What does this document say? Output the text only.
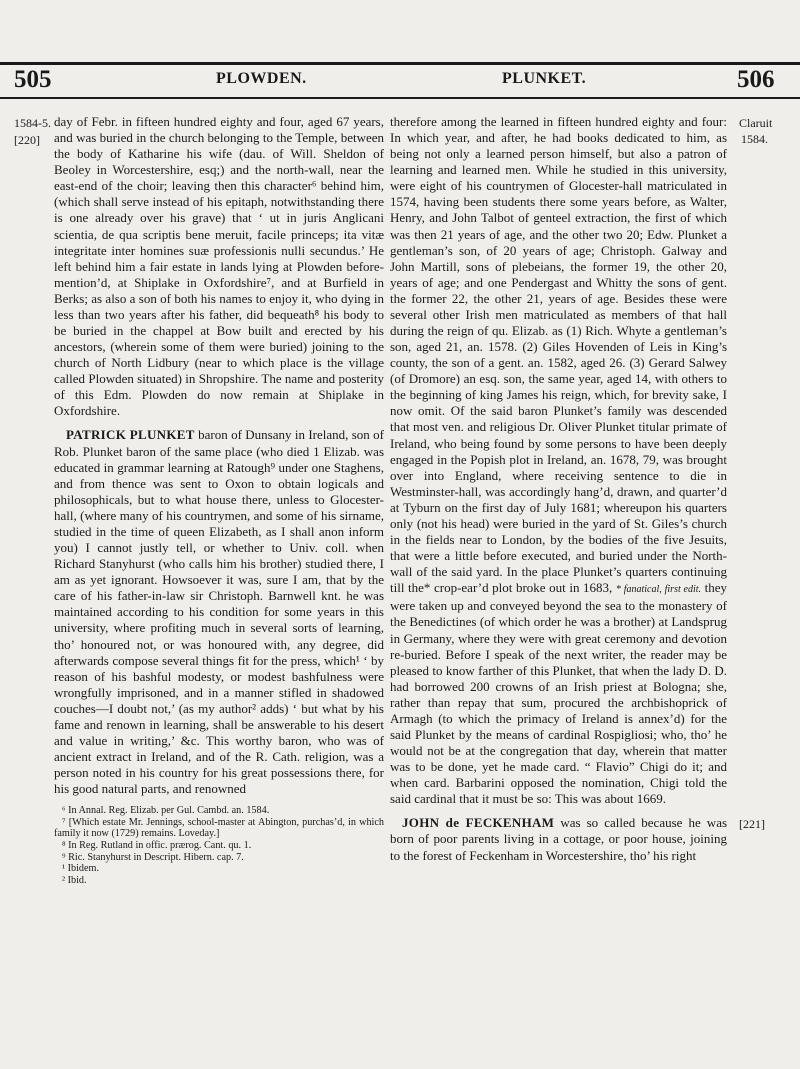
505	PLOWDEN.	PLUNKET.	506
1584-5.
[220]
Claruit
1584.
[221]

day of Febr. in fifteen hundred eighty and four, aged 67 years, and was buried in the church belonging to the Temple, between the body of Katharine his wife (dau. of Will. Sheldon of Beoley in Worcestershire, esq;) and the north-wall, near the east-end of the choir; leaving then this character⁶ behind him, (which shall serve instead of his epitaph, notwithstanding there is one already over his grave) that ‘ ut in juris Anglicani scientia, de qua scriptis bene meruit, facile princeps; ita vitæ integritate inter homines suæ professionis nulli secundus.’ He left behind him a fair estate in lands lying at Plowden before-mention’d, at Shiplake in Oxfordshire⁷, and at Burfield in Berks; as also a son of both his names to enjoy it, who dying in less than two years after his father, did bequeath⁸ his body to be buried in the chappel at Bow built and erected by his ancestors, (wherein some of them were buried) joining to the church of North Lidbury (near to which place is the village called Plowden situated) in Shropshire. The name and posterity of this Edm. Plowden do now remain at Shiplake in Oxfordshire.

PATRICK PLUNKET baron of Dunsany in Ireland, son of Rob. Plunket baron of the same place (who died 1 Elizab. was educated in grammar learning at Ratough⁹ under one Staghens, and from thence was sent to Oxon to obtain logicals and philosophicals, but to what house there, unless to Glocester-hall, (where many of his countrymen, and some of his sirname, studied in the time of queen Elizabeth, as I shall anon inform you) I cannot justly tell, or whether to Univ. coll. when Richard Stanyhurst (who calls him his brother) studied there, I am as yet ignorant. Howsoever it was, sure I am, that by the care of his father-in-law sir Christoph. Barnwell knt. he was maintained according to his condition for some years in this university, where profiting much in several sorts of learning, tho’ honoured not, or was honoured with, any degree, did afterwards compose several things fit for the press, which¹ ‘ by reason of his bashful modesty, or modest bashfulness were wrongfully imprisoned, and in a manner stifled in shadowed couches—I doubt not,’ (as my author² adds) ‘ but what by his fame and renown in learning, shall be answerable to his desert and value in writing,’ &c. This worthy baron, who was of ancient extract in Ireland, and of the R. Cath. religion, was a person noted in his country for his great possessions there, for his good natural parts, and renowned

⁶ In Annal. Reg. Elizab. per Gul. Cambd. an. 1584.

⁷ [Which estate Mr. Jennings, school-master at Abington, purchas’d, in which family it now (1729) remains. Loveday.]

⁸ In Reg. Rutland in offic. prærog. Cant. qu. 1.

⁹ Ric. Stanyhurst in Descript. Hibern. cap. 7.

¹ Ibidem.

² Ibid.

therefore among the learned in fifteen hundred eighty and four: In which year, and after, he had books dedicated to him, as being not only a learned person himself, but also a patron of learning and learned men. While he studied in this university, were eight of his countrymen of Glocester-hall matriculated in 1574, having been students there some years before, as Walter, Henry, and John Talbot of genteel extraction, the first of which was then 21 years of age, and the other two 20; Edw. Plunket a gentleman’s son, of 20 years of age; Christoph. Galway and John Martill, sons of plebeians, the former 19, the other 20, years of age; and one Pendergast and Whitty the sons of gent. the former 22, the other 21, years of age. Besides these were several other Irish men matriculated as members of that hall during the reign of qu. Elizab. as (1) Rich. Whyte a gentleman’s son, aged 21, an. 1578. (2) Giles Hovenden of Leis in King’s county, the son of a gent. an. 1582, aged 26. (3) Gerard Salwey (of Dromore) an esq. son, the same year, aged 14, with others to the beginning of king James his reign, which, for brevity sake, I now omit. Of the said baron Plunket’s family was descended that most ven. and religious Dr. Oliver Plunket titular primate of Ireland, who being found by some persons to have been deeply engaged in the Popish plot in Ireland, an. 1678, 79, was brought over into England, where receiving sentence to die in Westminster-hall, was accordingly hang’d, drawn, and quarter’d at Tyburn on the first day of July 1681; whereupon his quarters only (not his head) were buried in the yard of St. Giles’s church in the fields near to London, by the bodies of the five Jesuits, that were a little before executed, and buried under the North-wall of the said yard. In the place Plunket’s quarters continuing till the* crop-ear’d plot broke out in 1683, * fanatical, first edit. they were taken up and conveyed beyond the sea to the monastery of the Benedictines (of which order he was a brother) at Landsprug in Germany, where they were with great ceremony and devotion re-buried. Before I speak of the next writer, the reader may be pleased to know farther of this Plunket, that when the lady D. D. had borrowed 200 crowns of an Irish priest at Bologna; she, rather than repay that sum, procured the archbishoprick of Armagh (to which the primacy of Ireland is annex’d) for the said Plunket by the means of cardinal Rospigliosi; who, tho’ he would not be at the congregation that day, wherein that matter was to be done, yet he made card. “ Flavio” Chigi do it; and when card. Barbarini opposed the nomination, Chigi told the said cardinal that it must be so: This was about 1669.

JOHN de FECKENHAM was so called because he was born of poor parents living in a cottage, or poor house, joining to the forest of Feckenham in Worcestershire, tho’ his right
